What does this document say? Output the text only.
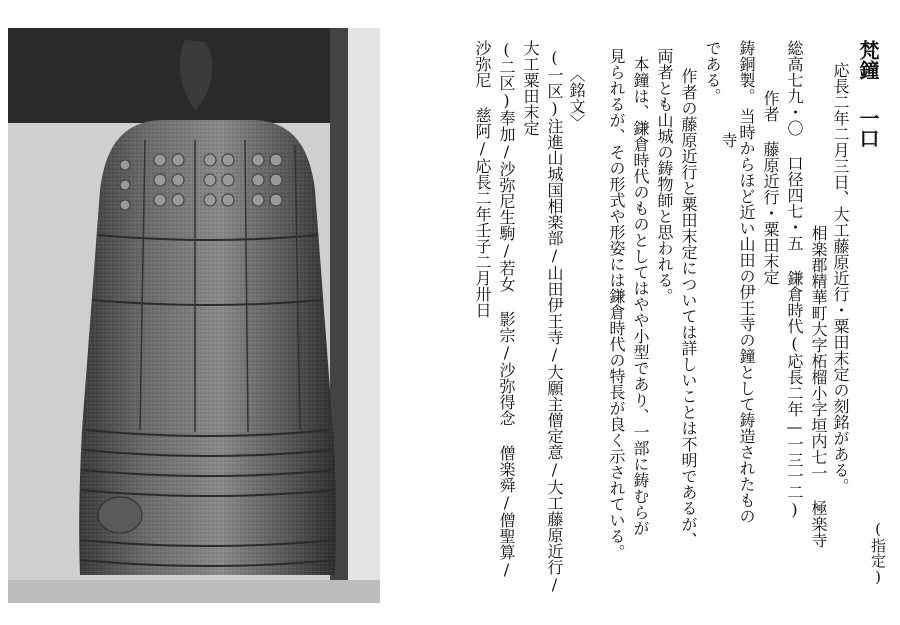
(指定)
梵鐘
一口
応長二年二月三日、大工藤原近行・粟田末定の刻銘がある。
相楽郡精華町大字柘榴小字垣内七一 極楽寺
総高七九・〇 口径四七・五 鎌倉時代(応長二年—一三一二)
作者 藤原近行・粟田末定
鋳銅製。
寺 当時からほど近い山田の伊王寺の鐘として鋳造されたもの
である。
作者の藤原近行と粟田末定については詳しいことは不明であるが、
両者とも山城の鋳物師と思われる。
本鐘は、鎌倉時代のものとしてはやや小型であり、一部に鋳むらが
見られるが、その形式や形姿には鎌倉時代の特長が良く示されている。
〈銘文〉
(一区)注進山城国相楽部/山田伊王寺/大願主僧定意/大工藤原近行/
大工粟田末定
(二区)奉加/沙弥尼生駒/若女 影宗/沙弥得念 僧楽舜/僧聖算/
沙弥尼 慈阿/応長二年壬子二月卅日
